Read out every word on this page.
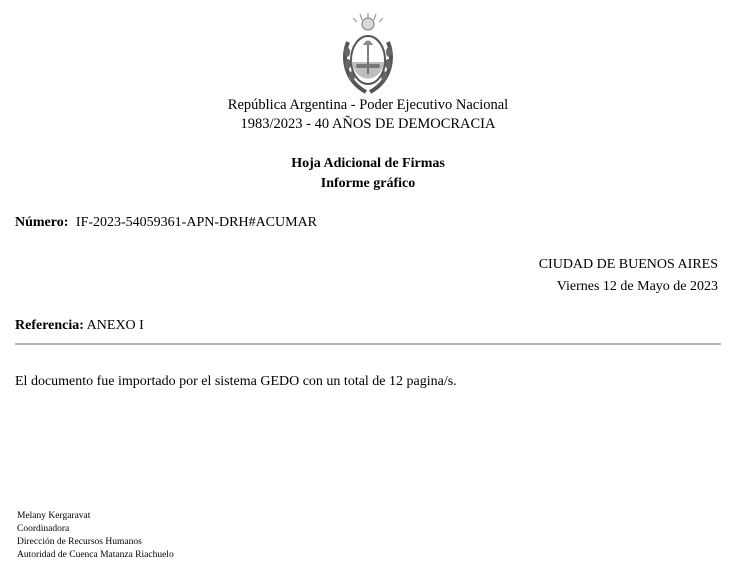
República Argentina - Poder Ejecutivo Nacional
1983/2023 - 40 AÑOS DE DEMOCRACIA
Hoja Adicional de Firmas
Informe gráfico
Número: IF-2023-54059361-APN-DRH#ACUMAR
CIUDAD DE BUENOS AIRES
Viernes 12 de Mayo de 2023
Referencia: ANEXO I
El documento fue importado por el sistema GEDO con un total de 12 pagina/s.
Melany Kergaravat
Coordinadora
Dirección de Recursos Humanos
Autoridad de Cuenca Matanza Riachuelo
